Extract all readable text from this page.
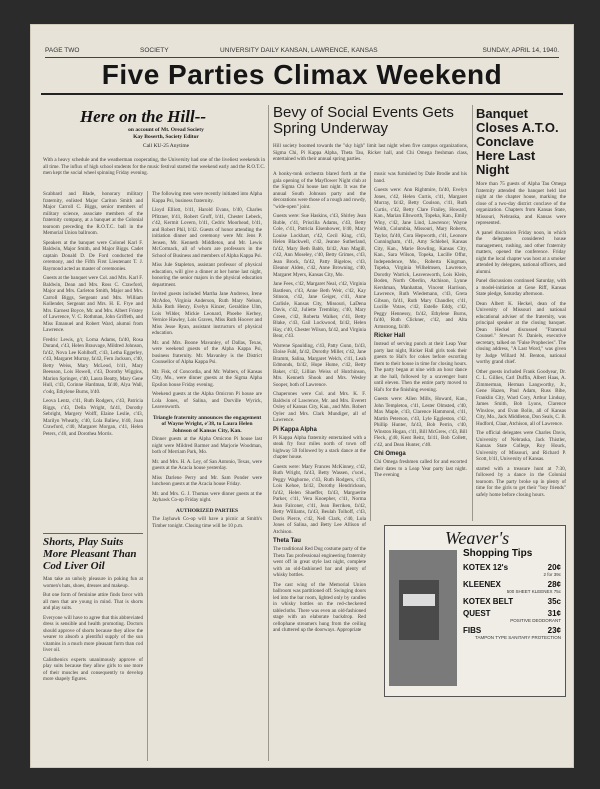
PAGE TWO	SOCIETY	UNIVERSITY DAILY KANSAN, LAWRENCE, KANSAS	SUNDAY, APRIL 14, 1940.
Five Parties Climax Weekend
Here on the Hill--
on account of Mt. Oread Society
Kay Boserth, Society Editor
Call KU-25 Anytime

With a heavy schedule and the weatherman cooperating, the University had one of the liveliest weekends in all time. The influx of high school students for the music festival started the weekend early and the R.O.T.C. men kept the social wheel spinning Friday evening.

Scabbard and Blade, honorary military fraternity, enlisted Major Cariton Smith and Major Carroll C. Biggs, senior members of military science, associate members of the fraternity company, at a banquet at the Colonial tearoom preceding the R.O.T.C. ball in the Memorial Union ballroom.

Speakers at the banquet were Colonel Karl F. Baldwin, Major Smith, and Major Biggs. Cadet captain Donald D. De Ford conducted the ceremony, and the Fifth First Lieutenant T. J. Raymond acted as master of ceremonies.

Guests at the banquet were Col. and Mrs. Karl F. Baldwin, Dean and Mrs. Ross C. Crawford, Major and Mrs. Carleton Smith, Major and Mrs. Carroll Biggs, Sergeant and Mrs. William Kollender, Sergeant and Mrs. H. E. Frye and Mrs. Earnest Boyce, Mr. and Mrs. Albert Fristey of Lawrence, V. C. Rothman, John Griffeth, and Miss Emanuel and Robert Ward, alumni from Lawrence.

Fredric Lewis, g/r, Lorna Adams, fa'40, Rosa Durand, c'43, Helen Brauvage, Mildred Johnson, fa'42, Nova Lee Kohlhoff, c'43, Letha Eggerley, c'43, Margaret Murray, fa'42, Fern Jackson, c'40, Betty Weiss, Mary McLeod, b'41, Mary Beeuson, Lois Howell, c'43, Dorothy Wiggins, Marion Springer, c'40, Laura Beatty, Mary Gene Hull, c'43, Corinne Hardman, fa'40, Alya Wall, c'odq, Ethylene Burns, b'40.

Leova Lentz, c'41, Ruth Rodgers, c'43, Patricia Riggs, c'43, Della Wright, fa'41, Dorothy Sebright, Margery Wolff, Elaine Leslie, c'43, Marilyn Wheatly, c'40, Lola Baliew, b'40, Joan Crawford, c'40, Margaret Morgan, c'41, Helen Peters, c'40, and Dorothea Morris.

Shorts, Play Suits More Pleasant Than Cod Liver Oil

Man take an unholy pleasure in poking fun at women's hats, shoes, dresses and makeup.

But one form of feminine attire finds favor with all men that are young in mind. That is shorts and play suits.

Everyone will have to agree that this abbreviated dress is sensible and health promoting. Doctors should approve of shorts because they allow the wearer to absorb a plentiful supply of the sun vitamins in a much more pleasant form than cod liver oil.

Calisthenics experts unanimously approve of play suits because they allow girls to use more of their muscles and consequently to develop more shapely figures.

The following men were recently initiated into Alpha Kappa Psi, business fraternity.

Lloyd Elliott, b'41, Harold Evans, b'40, Charles Pfitzner, b'41, Robert Groff, b'41, Chester Lebeck, c'42, Kermit Lovern, b'41, Cedric Moorhead, b'41, and Robert Phil, b'42. Guests of honor attending the initiation dinner and ceremony were Mr. Jens P. Jensen, Mr. Kenneth Middleton, and Mr. Lewis McCormack, all of whom are professors in the School of Business and members of Alpha Kappa Psi.

Miss Jule Stapleton, assistant professor of physical education, will give a dinner at her home last night, honoring the senior majors in the physical education department.

Invited guests included Martha Jane Andrews, Irene McAdoo, Virginia Anderson, Ruth Mary Nelson, Julia Ruth Henry, Evelyn Kinzer, Geraldine Ulm, Lois Wilder, Mickie Leonard, Phoebe Kerbey, Vernice Hawley, Lois Graves, Miss Ruth Hoover and Miss Jesse Ryan, assistant instructors of physical education.

Mr. and Mrs. Boone Mavanley, of Dallas, Texas, were weekend guests of the Alpha Kappa Psi, business fraternity. Mr. Mavanley is the District Counsellor of Alpha Kappa Psi.

Mr. Fisk, of Concordia, and Mr. Walters, of Kansas City, Mo., were dinner guests at the Sigma Alpha Epsilon house Friday evening.

Weekend guests at the Alpha Omicron Pi house are Lola Jones, of Salina, and Dorville Wyrick, Leavenworth.

Triangle fraternity announces the engagement of Wayne Wright, e'38, to Laura Helen Johnson of Kansas City, Kan.

Dinner guests at the Alpha Omicron Pi house last night were Mildred Barmer and Marjorie Woodman, both of Merriam Park, Mo.

Mr. and Mrs. H. A. Ley, of San Antonio, Texas, were guests at the Acacia house yesterday.

Miss Darlene Perry and Mr. Sam Ponder were luncheon guests at the Acacia house Friday.

Mr. and Mrs. G. J. Thomas were dinner guests at the Jayhawk Co-op Friday night.

AUTHORIZED PARTIES

The Jayhawk Co-op will have a picnic at Smith's Timber tonight. Closing time will be 10 p.m.

Bevy of Social Events Gets Spring Underway

Hill society boomed towards the "sky high" limit last night when five campus organizations, Sigma Chi, Pi Kappa Alpha, Theta Tau, Ricker hall, and Chi Omega freshman class, entertained with their annual spring parties.

A honky-tonk orchestra blared forth at the gala opening of the Mayflower Night club at the Sigma Chi house last night. It was the annual South Johnson party and the decorations were those of a rough and rowdy, "wide-open" joint.

Guests were: Sue Haskins, c'43, Shirley Jean Ruble, c'41, Priscilla Adams, c'43, Betty Cole, c'41, Patricia Eisenhower, b'40, Mary Louise Lockhart, c'42, Cecil King, c'43, Helen Blackwell, c'42, Jeanne Sutherland, fa'42, Mary Beth Babb, fa'42, Ann Magill, c'42, Ann Moseley, c'40, Betty Grimes, c'43, Jean Brock, fa'42, Patty Bigelow, c'43, Eleanor Alden, c'42, Anne Browning, c'40, Margaret Myers, Kansas City, Mo.

Jane Fees, c'42, Margaret Neal, c'42, Virginia Bastleon, c'43, Anne Beth Weir, c'42, Kay Stinson, c'42, Jane Geiger, c'41, Anne Carlisle, Kansas City, Missouri, LaDena Davis, c'42, Juliette Tremblay, c'40, Mary Green, c'42, Roberta Walker, c'41, Betty Blake, c'43, Gail Lockwood, fa'42, Helen Hay, c'40, Chester Wilson, fa'42, and Virginia Bear, c'43.

Warrene Spaulding, c'43, Patty Gunn, fa'43, Eloise Fuhl, fa'42, Dorothy Miller, c'42, Jane Bramm, Salina, Margaret Welch, c'41, Leah Edmonds, fa'42, Hope Hume, c'42, Betty Baker, c'42, Lillian Weiss of Hutchinson, Mrs. Kenneth Shook and Mrs. Wesley Sooper, both of Lawrence.

Chaperones were Col. and Mrs. K. F. Baldwin of Lawrence, Mr. and Mrs. Everett Oxley of Kansas City, Kan., and Mrs. Robert Oyler and Mrs. Clark Mundiger, all of Lawrence.

Pi Kappa Alpha

Pi Kappa Alpha fraternity entertained with a steak fry four miles north of town off highway 59 followed by a stack dance at the chapter house.

Guests were: Mary Frances McKinney, c'42, Ruth Wright, fa'43, Betty Wassen, c'ucel., Peggy Waghorne, c'43, Ruth Rodgers, c'43, Lois Kehoe, fa'42, Dorothy Hendrickson, fa'42, Helen Shaeffer, fa'43, Marguerite Parker, c'41, Vera Knoepher, c'41, Norma Jean Falconer, c'41, Jean Berriken, fa'42, Betty Williams, fa'43, Beulah Tolhoff, c'43, Doris Pierce, c'42, Nell Clark, c'40, Lola Jones of Salina, and Betty Lee Allison of Atchison.

Theta Tau

The traditional Red Dog costume party of the Theta Tau professional engineering fraternity went off in great style last night, complete with an old-fashioned bar and plenty of whisky bottles.

The cast wing of the Memorial Union ballroom was partitioned off. Swinging doors led into the bar room, lighted only by candles in whisky bottles on the red-checkered tablecloths. There was even an old-fashioned stage with an elaborate backdrop. Red cellophane streamers hung from the ceiling and cluttered up the doorways. Appropriate

music was furnished by Dale Brodie and his band.

Guests were: Ann Rightmire, fa'40, Evelyn Jones, c'42, Helen Curtis, c'41, Margaret Murray, fa'42, Betty Coulson, c'41, Ruth Curtis, c'42, Betty Clare Frailey, Howard, Kan., Marian Ellsworth, Topeka, Kan., Emily Winy, c'42, Jane Lind, Lawrence; Wayne Woith, Columbia, Missouri, Mary Roberts, Taylor, fa'40, Cora Hepworth, c'41, Leonore Cunningham, c'41, Amy Schlebel, Kansas City, Kan., Marie Bowling, Kansas City, Kan., Sara Wilson, Topeka, Lucille Offut, Independence, Mo., Roberta Kingman, Topeka, Virginia Wilhelmsen, Lawrence, Dorothy Warrick, Leavenworth, Lois Klein, Boden, North Oberlin, Atchison, Lynne Kershman, Manhattan, Vincent Harrison, Lawrence, Ruth Wiedemann, c'43, Greta Gibson, fa'41, Ruth Mary Chandler, c'41, Lucille Votaw, c'42, Estelle Eddy, c'42, Peggy Hennessy, fa'42, Ethylene Burns, fa'40, Ruth Clickner, c'42, and Alta Armstrong, fa'40.

Ricker Hall

Instead of serving punch at their Leap Year party last night, Ricker Hall girls took their guests to Hal's for cokes before escorting them to their house in time for closing hours. The party began at nine with an hour dance at the hall, followed by a scavenger hunt until eleven. Then the entire party moved to Hal's for the finishing evening.

Guests were: Allen Mills, Howard, Kan., John Templeton, c'41, Lester Olmsted, c'40, Max Maple, c'43, Clarence Hammond, c'41, Martin Peterson, c'43, Lyle Eggleston, c'42, Phillip Hunter, fa'43, Bob Perrin, c'40, Winston Hogan, c'41, Bill McGrew, c'43, Bill Fleck, g'40, Kent Reitz, fa'41, Bob Collett, c'42, and Dean Hunter, c'40.

Chi Omega

Chi Omega freshmen called for and escorted their dates to a Leap Year party last night. The evening

Banquet Closes A.T.O. Conclave Here Last Night

More than 75 guests of Alpha Tau Omega fraternity attended the banquet held last night at the chapter house, marking the close of a two-day district conclave of the organization. Chapters from Kansas State, Missouri, Nebraska, and Kansas were represented.

A panel discussion Friday noon, in which the delegates considered house management, rushing, and other fraternity matters, opened the conference. Friday night the local chapter was host at a smoker attended by delegates, national officers, and alumni.

Panel discussions continued Saturday, with a model-initiation at Gene Riff, Kansas State pledge, Saturday afternoon.

Dean Albert K. Heckel, dean of the University of Missouri and national educational adviser of the fraternity, was principal speaker at the closing banquet. Dean Heckel discussed "Fraternal Counsel." Stewart N. Daniels, executive secretary, talked on "False Prophecies". The closing address, "A Last Word," was given by Judge Willard M. Benton, national worthy grand chief.

Other guests included Frank Goodyear, Dr. C. L. Gillies, Carl Duffin, Albert Haas, A. Zimmerman, Herman Langworthy, Jr., Gene Hazen, Paul Adam, Russ Bibe, Franklin City, Ward Cory, Arthur Lindsay, James Smith, Bob Lyons, Clarence Winslow, and Evan Bolin, all of Kansas City, Mo., Jack Middleton, Don Seals, C. B. Hudford, Claar, Atchison, all of Lawrence.

The official delegates were Charles Davis, University of Nebraska, Jack Thistler, Kansas State College, Roy Houck, University of Missouri, and Richard P. Scott, b'41, University of Kansas.

started with a treasure hunt at 7:30, followed by a dance in the Colonial tearoom. The party broke up in plenty of time for the girls to get their "boy friends" safely home before closing hours.

Weaver's
Shopping Tips
KOTEX 12's	20¢
2 for 39c
KLEENEX	28¢
500 SHEET KLEENEX 75c
KOTEX BELT	35c
QUEST	31¢
POSITIVE DEODORANT
FIBS	23¢
TAMPON TYPE SANITARY PROTECTION
